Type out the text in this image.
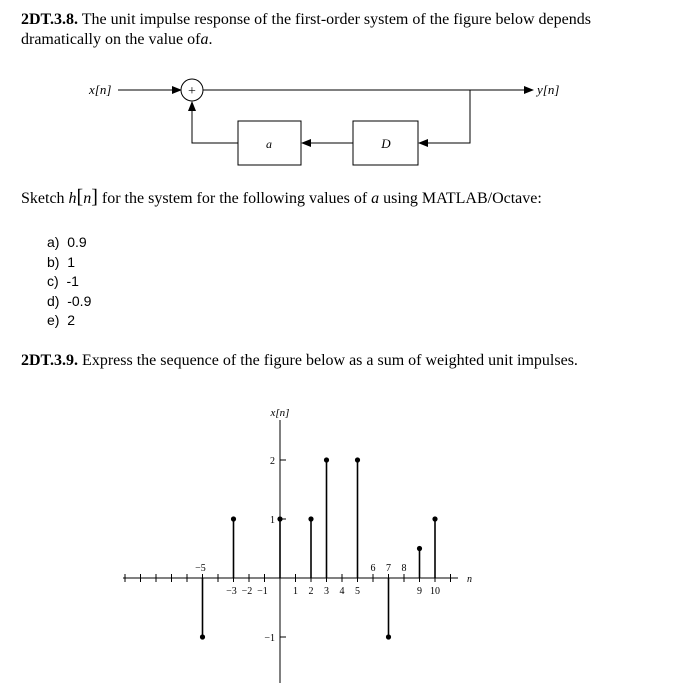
2DT.3.8. The unit impulse response of the first-order system of the figure below depends dramatically on the value ofa.
x[n]	+	y[n]
D
a
Sketch h[n] for the system for the following values of a using MATLAB/Octave:
a)  0.9
b)  1
c)  -1
d)  -0.9
e)  2
2DT.3.9. Express the sequence of the figure below as a sum of weighted unit impulses.
−5
−3 −2 −1	1 2 3 4 5
6 7 8
9 10
2
1
−1
x[n]
n
